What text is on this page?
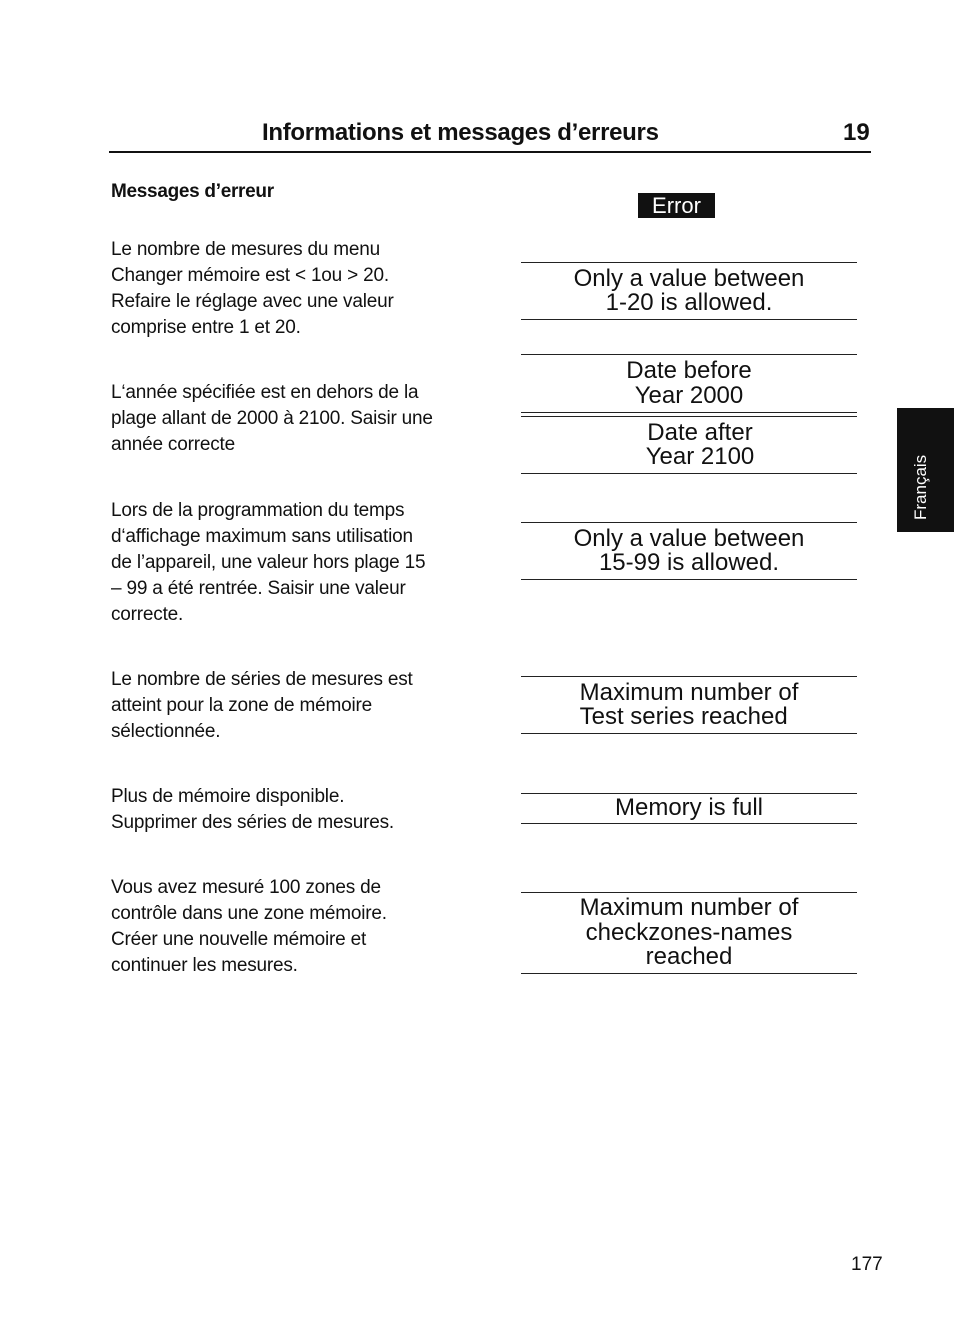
Informations et messages d’erreurs	19
Messages d’erreur
Error
Le nombre de mesures du menu
Changer mémoire est < 1ou > 20.
Refaire le réglage avec une valeur
comprise entre 1 et 20.
Only a value between
1-20 is allowed.
L‘année spécifiée est en dehors de la
plage allant de 2000 à 2100. Saisir une
année correcte
Date before
Year 2000
Date after
Year 2100
Lors de la programmation du temps
d‘affichage maximum sans utilisation
de l’appareil, une valeur hors plage 15
– 99 a été rentrée. Saisir une valeur
correcte.
Only a value between
15-99 is allowed.
Le nombre de séries de mesures est
atteint pour la zone de mémoire
sélectionnée.
Maximum number of
Test series reached
Plus de mémoire disponible.
Supprimer des séries de mesures.
Memory is full
Vous avez mesuré 100 zones de
contrôle dans une zone mémoire.
Créer une nouvelle mémoire et
continuer les mesures.
Maximum number of
checkzones-names
reached
Français
177
